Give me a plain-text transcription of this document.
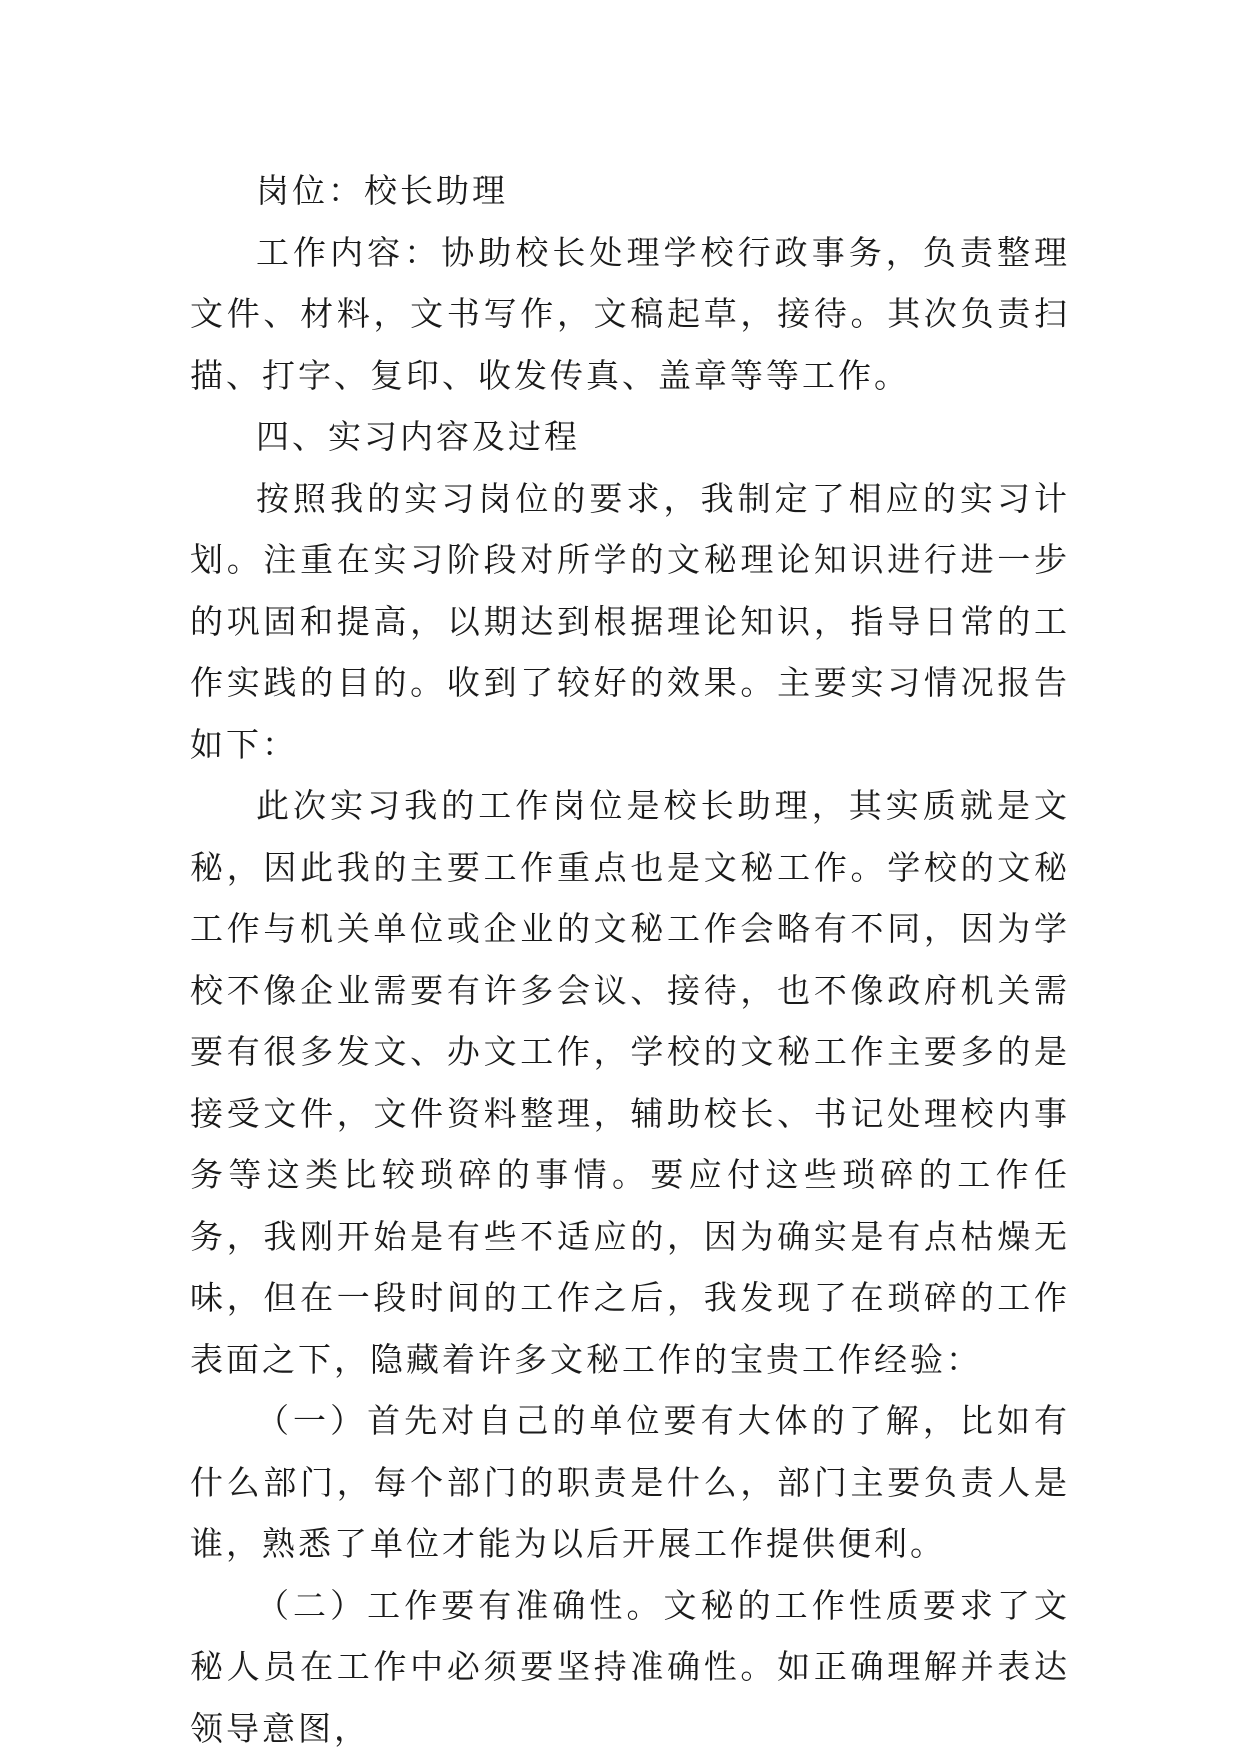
岗位：校长助理

工作内容：协助校长处理学校行政事务，负责整理文件、材料，文书写作，文稿起草，接待。其次负责扫描、打字、复印、收发传真、盖章等等工作。

四、实习内容及过程

按照我的实习岗位的要求，我制定了相应的实习计划。注重在实习阶段对所学的文秘理论知识进行进一步的巩固和提高，以期达到根据理论知识，指导日常的工作实践的目的。收到了较好的效果。主要实习情况报告如下：

此次实习我的工作岗位是校长助理，其实质就是文秘，因此我的主要工作重点也是文秘工作。学校的文秘工作与机关单位或企业的文秘工作会略有不同，因为学校不像企业需要有许多会议、接待，也不像政府机关需要有很多发文、办文工作，学校的文秘工作主要多的是接受文件，文件资料整理，辅助校长、书记处理校内事务等这类比较琐碎的事情。要应付这些琐碎的工作任务，我刚开始是有些不适应的，因为确实是有点枯燥无味，但在一段时间的工作之后，我发现了在琐碎的工作表面之下，隐藏着许多文秘工作的宝贵工作经验：

（一）首先对自己的单位要有大体的了解，比如有什么部门，每个部门的职责是什么，部门主要负责人是谁，熟悉了单位才能为以后开展工作提供便利。

（二）工作要有准确性。文秘的工作性质要求了文秘人员在工作中必须要坚持准确性。如正确理解并表达领导意图，
